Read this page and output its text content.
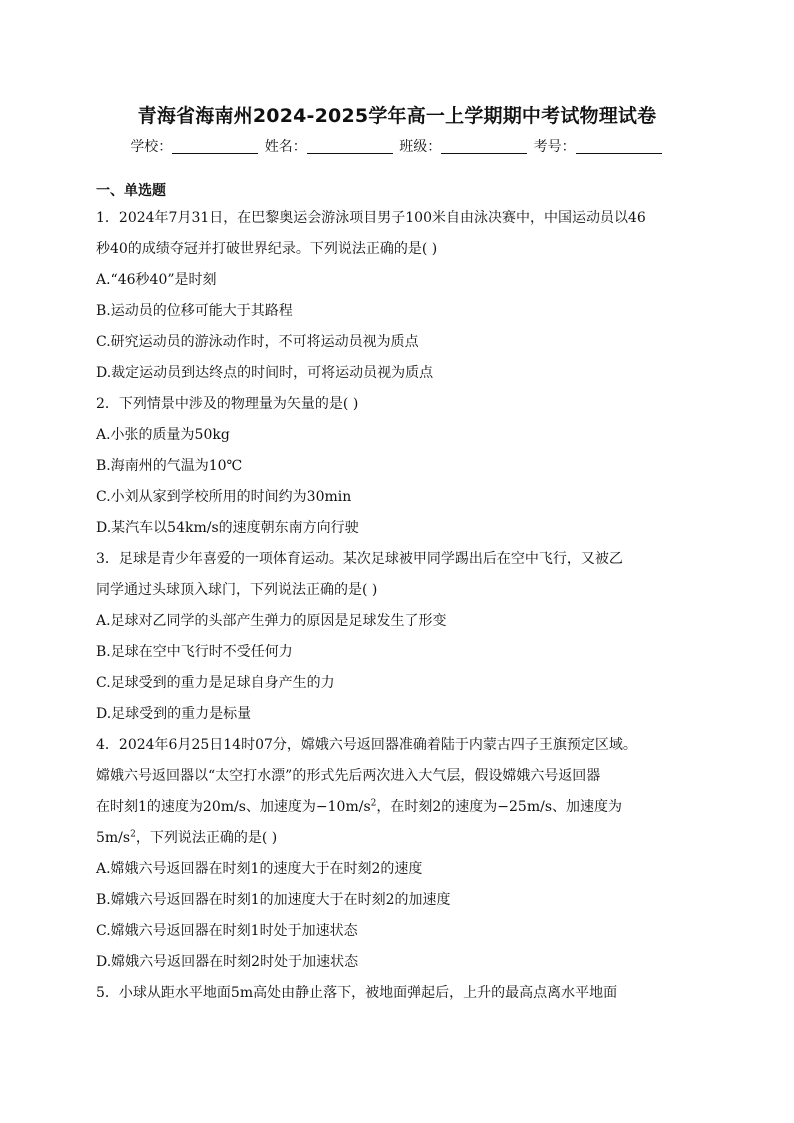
青海省海南州2024-2025学年高一上学期期中考试物理试卷
学校：	姓名：	班级：	考号：
一、单选题
1．2024年7月31日，在巴黎奥运会游泳项目男子100米自由泳决赛中，中国运动员以46
秒40的成绩夺冠并打破世界纪录。下列说法正确的是( )
A.“46秒40”是时刻
B.运动员的位移可能大于其路程
C.研究运动员的游泳动作时，不可将运动员视为质点
D.裁定运动员到达终点的时间时，可将运动员视为质点
2．下列情景中涉及的物理量为矢量的是( )
A.小张的质量为50kg
B.海南州的气温为10℃
C.小刘从家到学校所用的时间约为30min
D.某汽车以54km/s的速度朝东南方向行驶
3．足球是青少年喜爱的一项体育运动。某次足球被甲同学踢出后在空中飞行，又被乙
同学通过头球顶入球门，下列说法正确的是( )
A.足球对乙同学的头部产生弹力的原因是足球发生了形变
B.足球在空中飞行时不受任何力
C.足球受到的重力是足球自身产生的力
D.足球受到的重力是标量
4．2024年6月25日14时07分，嫦娥六号返回器准确着陆于内蒙古四子王旗预定区域。
嫦娥六号返回器以“太空打水漂”的形式先后两次进入大气层，假设嫦娥六号返回器
在时刻1的速度为20m/s、加速度为$-10m/s^2$，在时刻2的速度为−25m/s、加速度为
$5m/s^2$，下列说法正确的是( )
A.嫦娥六号返回器在时刻1的速度大于在时刻2的速度
B.嫦娥六号返回器在时刻1的加速度大于在时刻2的加速度
C.嫦娥六号返回器在时刻1时处于加速状态
D.嫦娥六号返回器在时刻2时处于加速状态
5．小球从距水平地面5m高处由静止落下，被地面弹起后，上升的最高点离水平地面
